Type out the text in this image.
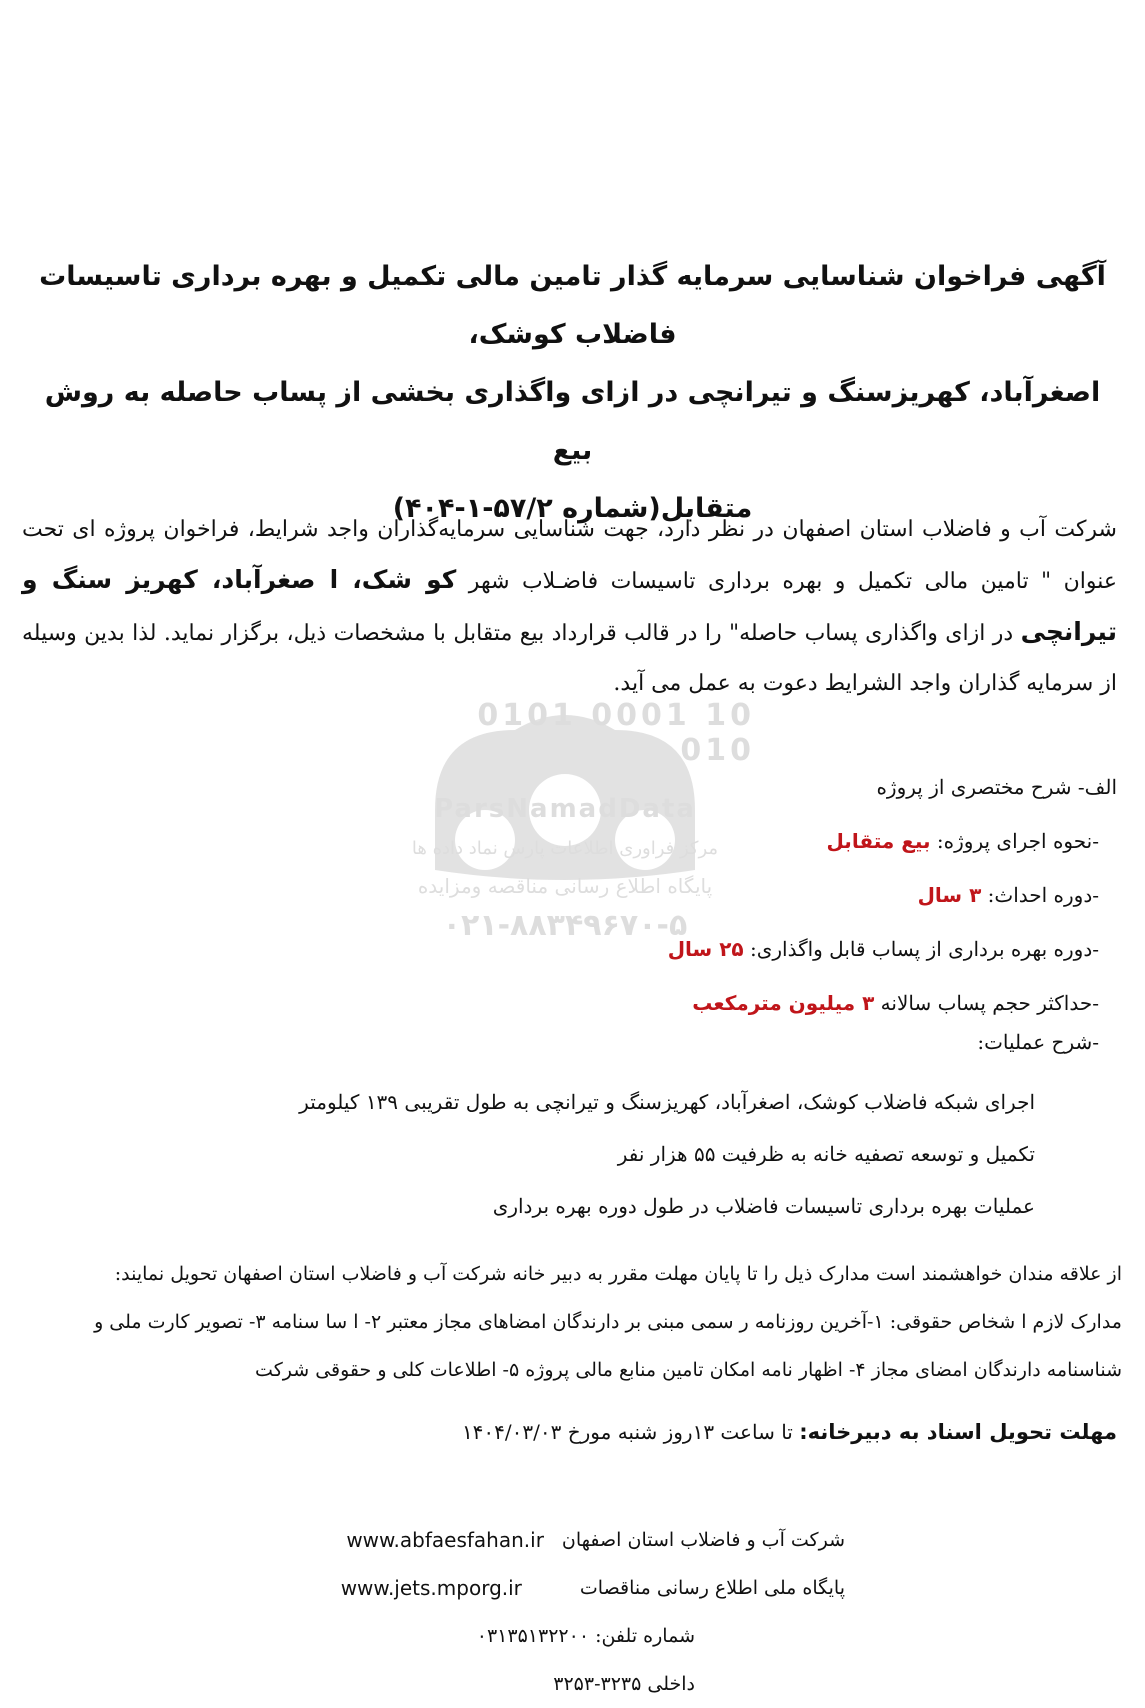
0101 0001 10 010
ParsNamadData
مرکز فراوری اطلاعات پارس نماد داده ها
پایگاه اطلاع رسانی مناقصه ومزایده
۰۲۱-۸۸۳۴۹۶۷۰-۵
آگهی فراخوان شناسایی سرمایه گذار تامین مالی تکمیل و بهره برداری تاسیسات فاضلاب کوشک،
اصغرآباد، کهریزسنگ و تیرانچی در ازای واگذاری بخشی از پساب حاصله به روش بیع
متقابل(شماره ۵۷/۲-۱-۴۰۴)
شرکت آب و فاضلاب استان اصفهان در نظر دارد، جهت شناسایی سرمایه‌گذاران واجد شرایط، فراخوان پروژه ای تحت عنوان " تامین مالی تکمیل و بهره برداری تاسیسات فاضـلاب شهر کو شک، ا صغرآباد، کهریز سنگ و تیرانچی در ازای واگذاری پساب حاصله" را در قالب قرارداد بیع متقابل با مشخصات ذیل، برگزار نماید. لذا بدین وسیله از سرمایه گذاران واجد الشرایط دعوت به عمل می آید.
الف- شرح مختصری از پروژه
-نحوه اجرای پروژه: بیع متقابل
-دوره احداث: ۳ سال
-دوره بهره برداری از پساب قابل واگذاری: ۲۵ سال
-حداکثر حجم پساب سالانه ۳ میلیون مترمکعب
-شرح عملیات:
اجرای شبکه فاضلاب کوشک، اصغرآباد، کهریزسنگ و تیرانچی به طول تقریبی ۱۳۹ کیلومتر
تکمیل و توسعه تصفیه خانه به ظرفیت ۵۵ هزار نفر
عملیات بهره برداری تاسیسات فاضلاب در طول دوره بهره برداری
از علاقه مندان خواهشمند است مدارک ذیل را تا پایان مهلت مقرر به دبیر خانه شرکت آب و فاضلاب استان اصفهان تحویل نمایند:
مدارک لازم ا شخاص حقوقی: ۱-آخرین روزنامه ر سمی مبنی بر دارندگان امضاهای مجاز معتبر ۲- ا سا سنامه ۳- تصویر کارت ملی و
شناسنامه دارندگان امضای مجاز ۴- اظهار نامه امکان تامین منابع مالی پروژه ۵- اطلاعات کلی و حقوقی شرکت
مهلت تحویل اسناد به دبیرخانه: تا ساعت ۱۳روز شنبه مورخ ۱۴۰۴/۰۳/۰۳
شرکت آب و فاضلاب استان اصفهان
www.abfaesfahan.ir
پایگاه ملی اطلاع رسانی مناقصات
www.jets.mporg.ir
شماره تلفن: ۰۳۱۳۵۱۳۲۲۰۰
داخلی ۳۲۳۵-۳۲۵۳
